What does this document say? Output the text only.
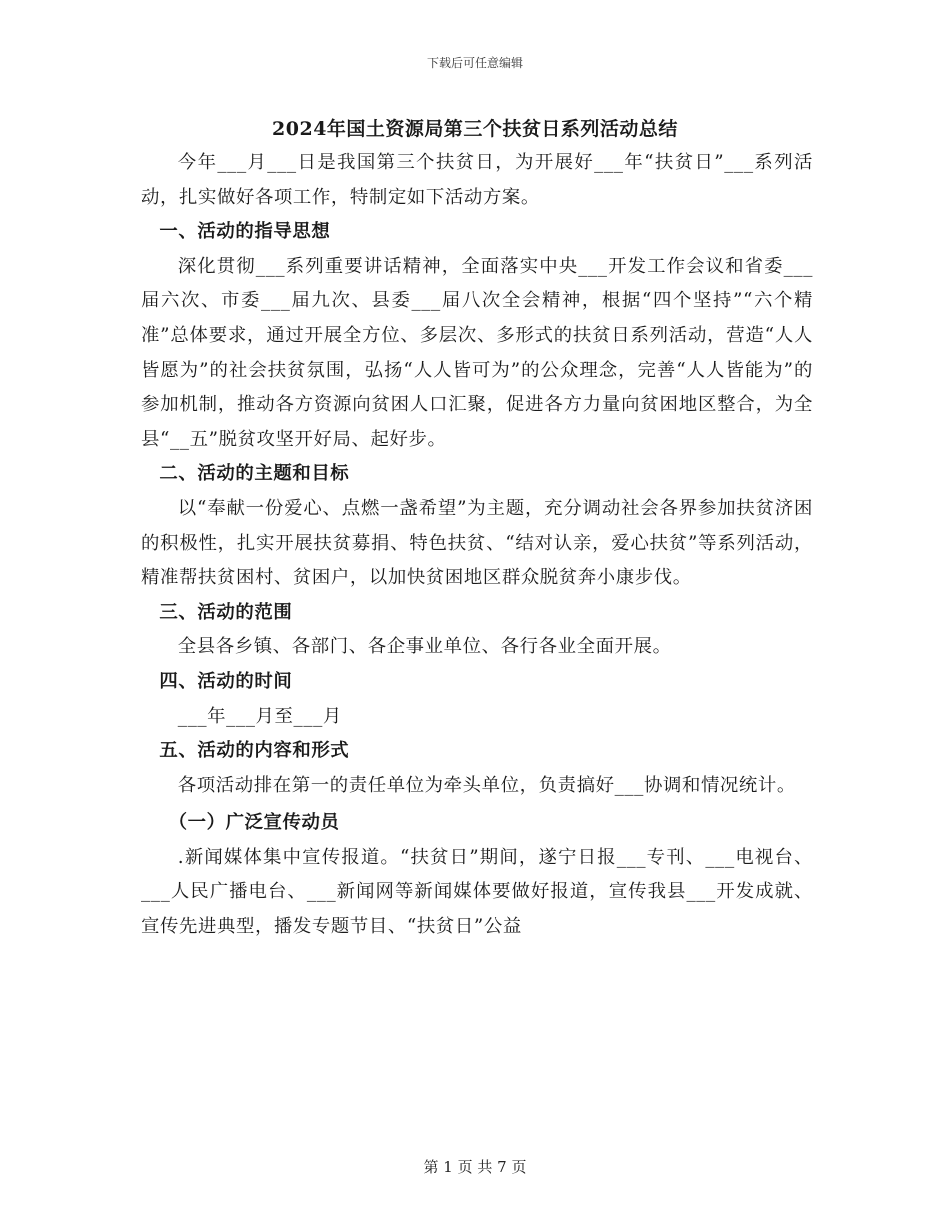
下载后可任意编辑
2024年国土资源局第三个扶贫日系列活动总结

今年___月___日是我国第三个扶贫日，为开展好___年“扶贫日”___系列活动，扎实做好各项工作，特制定如下活动方案。

一、活动的指导思想

深化贯彻___系列重要讲话精神，全面落实中央___开发工作会议和省委___届六次、市委___届九次、县委___届八次全会精神，根据“四个坚持”“六个精准”总体要求，通过开展全方位、多层次、多形式的扶贫日系列活动，营造“人人皆愿为”的社会扶贫氛围，弘扬“人人皆可为”的公众理念，完善“人人皆能为”的参加机制，推动各方资源向贫困人口汇聚，促进各方力量向贫困地区整合，为全县“__五”脱贫攻坚开好局、起好步。

二、活动的主题和目标

以“奉献一份爱心、点燃一盏希望”为主题，充分调动社会各界参加扶贫济困的积极性，扎实开展扶贫募捐、特色扶贫、“结对认亲，爱心扶贫”等系列活动，精准帮扶贫困村、贫困户，以加快贫困地区群众脱贫奔小康步伐。

三、活动的范围

全县各乡镇、各部门、各企事业单位、各行各业全面开展。

四、活动的时间

___年___月至___月

五、活动的内容和形式

各项活动排在第一的责任单位为牵头单位，负责搞好___协调和情况统计。

（一）广泛宣传动员

.新闻媒体集中宣传报道。“扶贫日”期间，遂宁日报___专刊、___电视台、___人民广播电台、___新闻网等新闻媒体要做好报道，宣传我县___开发成就、宣传先进典型，播发专题节目、“扶贫日”公益

第 1 页 共 7 页
